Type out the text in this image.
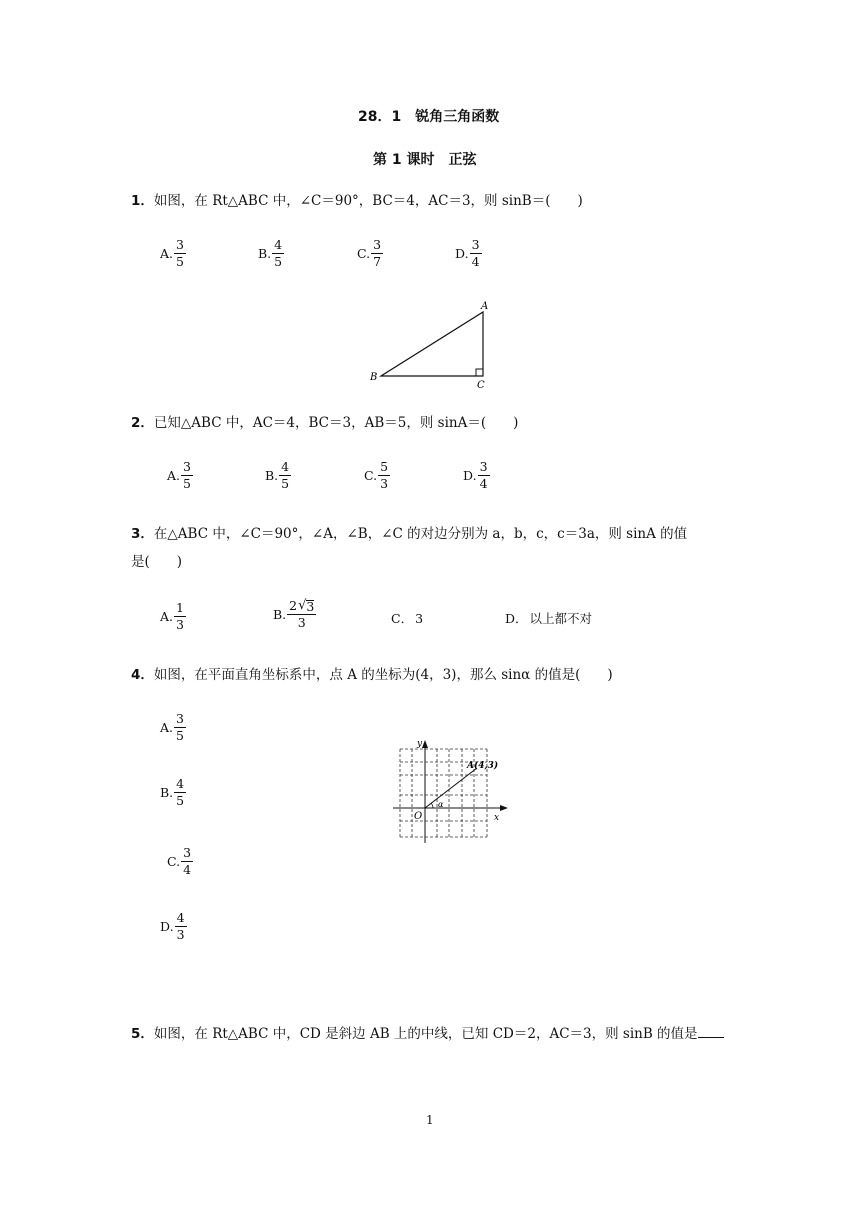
28．1　锐角三角函数
第 1 课时　正弦
1．如图，在 Rt△ABC 中，∠C＝90°，BC＝4，AC＝3，则 sinB＝(　　)
A. $\frac{3}{5}$	B. $\frac{4}{5}$	C. $\frac{3}{7}$	D. $\frac{3}{4}$
A
B
C
2．已知△ABC 中，AC＝4，BC＝3，AB＝5，则 sinA＝(　　)
A. $\frac{3}{5}$	B. $\frac{4}{5}$	C. $\frac{5}{3}$	D. $\frac{3}{4}$
3．在△ABC 中，∠C＝90°，∠A，∠B，∠C 的对边分别为 a，b，c，c＝3a，则 sinA 的值
是(　　)
A. $\frac{1}{3}$	B. $\frac{2 √ 3}{3}$	C． 3	D． 以上都不对
4．如图，在平面直角坐标系中，点 A 的坐标为(4，3)，那么 sinα 的值是(　　)
A. $\frac{3}{5}$
B. $\frac{4}{5}$
C. $\frac{3}{4}$
D. $\frac{4}{3}$
y
x
O
A(4,3)
α
5．如图，在 Rt△ABC 中，CD 是斜边 AB 上的中线，已知 CD＝2，AC＝3，则 sinB 的值是
1
